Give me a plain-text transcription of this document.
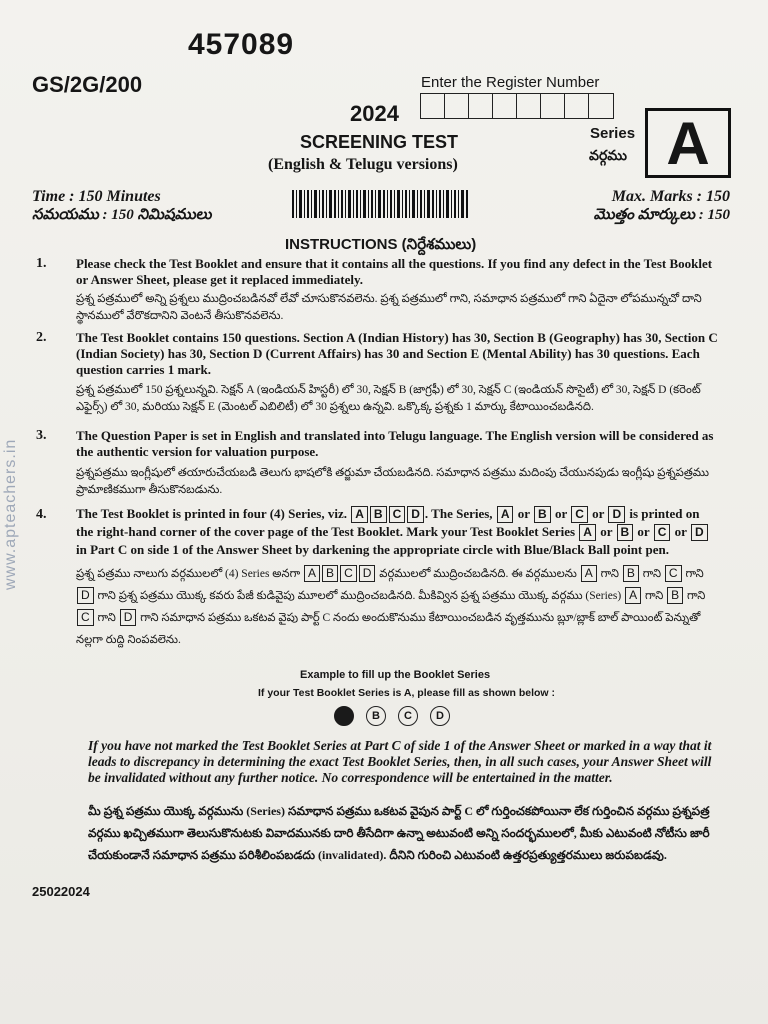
www.apteachers.in
457089
GS/2G/200	Enter the Register Number
2024
SCREENING TEST
(English & Telugu versions)
Series
వర్గము A
Time : 150 Minutes
సమయము : 150 నిమిషములు
Max. Marks : 150
మొత్తం మార్కులు : 150
INSTRUCTIONS (నిర్దేశములు)
1. Please check the Test Booklet and ensure that it contains all the questions. If you find any defect in the Test Booklet or Answer Sheet, please get it replaced immediately.
ప్రశ్న పత్రములో అన్ని ప్రశ్నలు ముద్రించబడినవో లేవో చూసుకొనవలెను. ప్రశ్న పత్రములో గాని, సమాధాన పత్రములో గాని ఏదైనా లోపమున్నచో దాని స్థానములో వేరొకదానిని వెంటనే తీసుకొనవలెను.
2. The Test Booklet contains 150 questions. Section A (Indian History) has 30, Section B (Geography) has 30, Section C (Indian Society) has 30, Section D (Current Affairs) has 30 and Section E (Mental Ability) has 30 questions. Each question carries 1 mark.
ప్రశ్న పత్రములో 150 ప్రశ్నలున్నవి. సెక్షన్ A (ఇండియన్ హిస్టరీ) లో 30, సెక్షన్ B (జాగ్రఫీ) లో 30, సెక్షన్ C (ఇండియన్ సొసైటీ) లో 30, సెక్షన్ D (కరెంట్ ఎఫైర్స్) లో 30, మరియు సెక్షన్ E (మెంటల్ ఎబిలిటీ) లో 30 ప్రశ్నలు ఉన్నవి. ఒక్కొక్క ప్రశ్నకు 1 మార్కు కేటాయించబడినది.
3. The Question Paper is set in English and translated into Telugu language. The English version will be considered as the authentic version for valuation purpose.
ప్రశ్నపత్రము ఇంగ్లీషులో తయారుచేయబడి తెలుగు భాషలోకి తర్జుమా చేయబడినది. సమాధాన పత్రము మదింపు చేయునపుడు ఇంగ్లీషు ప్రశ్నపత్రము ప్రామాణికముగా తీసుకొనబడును.
4. The Test Booklet is printed in four (4) Series, viz. A B C D . The Series, A or B or C or D is printed on the right-hand corner of the cover page of the Test Booklet. Mark your Test Booklet Series A or B or C or D in Part C on side 1 of the Answer Sheet by darkening the appropriate circle with Blue/Black Ball point pen.
ప్రశ్న పత్రము నాలుగు వర్గములలో (4) Series అనగా A B C D వర్గములలో ముద్రించబడినది. ఈ వర్గములను A గాని B గాని C గాని D గాని ప్రశ్న పత్రము యొక్క కవరు పేజీ కుడివైపు మూలలో ముద్రించబడినది. మీకివ్విన ప్రశ్న పత్రము యొక్క వర్గము (Series) A గాని B గాని C గాని D గాని సమాధాన పత్రము ఒకటవ వైపు పార్ట్ C నందు అందుకొనుము కేటాయించబడిన వృత్తమును బ్లూ/బ్లాక్ బాల్ పాయింట్ పెన్నుతో నల్లగా రుద్ది నింపవలెను.
Example to fill up the Booklet Series
If your Test Booklet Series is A, please fill as shown below :
B	C	D
If you have not marked the Test Booklet Series at Part C of side 1 of the Answer Sheet or marked in a way that it leads to discrepancy in determining the exact Test Booklet Series, then, in all such cases, your Answer Sheet will be invalidated without any further notice. No correspondence will be entertained in the matter.
మీ ప్రశ్న పత్రము యొక్క వర్గమును (Series) సమాధాన పత్రము ఒకటవ వైపున పార్ట్ C లో గుర్తించకపోయినా లేక గుర్తించిన వర్గము ప్రశ్నపత్ర వర్గము ఖచ్చితముగా తెలుసుకొనుటకు వివాదమునకు దారి తీసేదిగా ఉన్నా అటువంటి అన్ని సందర్భములలో, మీకు ఎటువంటి నోటీసు జారీ చేయకుండానే సమాధాన పత్రము పరిశీలింపబడదు (invalidated). దీనిని గురించి ఎటువంటి ఉత్తరప్రత్యుత్తరములు జరుపబడవు.
25022024
